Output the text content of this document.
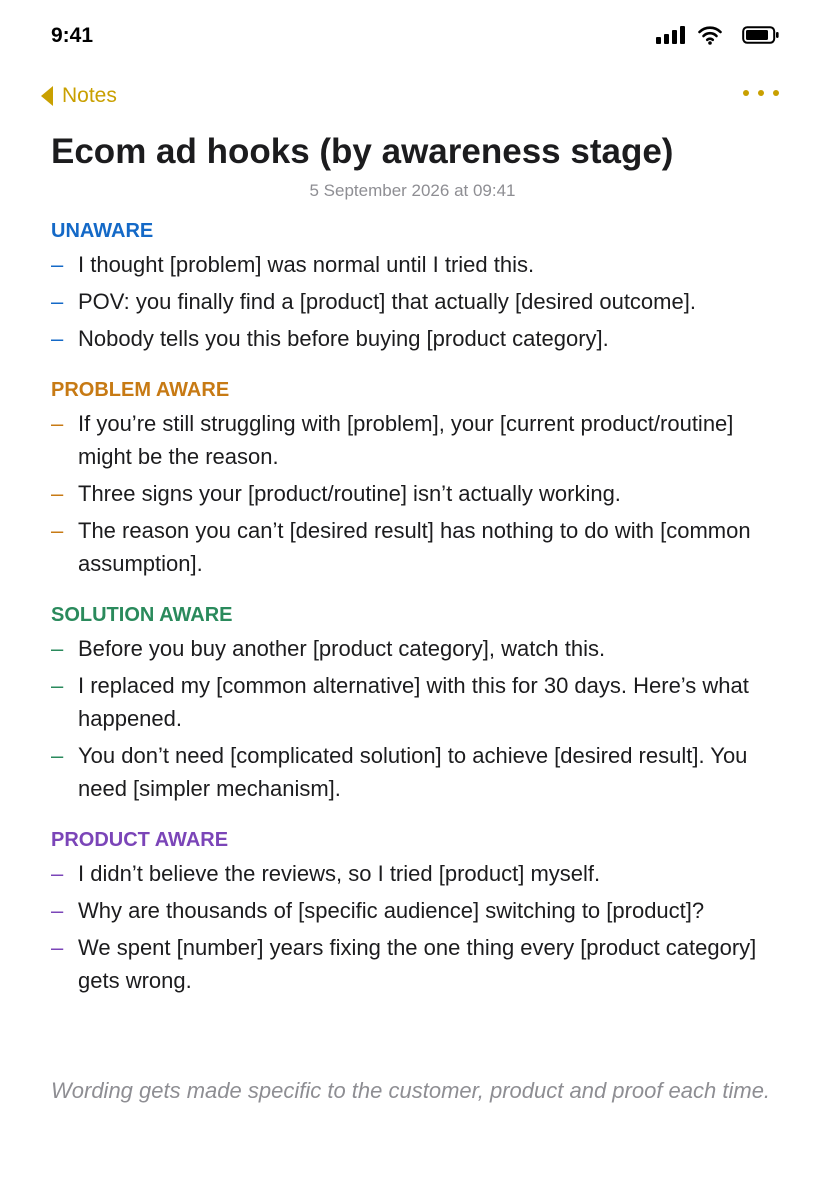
9:41
Notes
Ecom ad hooks (by awareness stage)
5 September 2026 at 09:41
UNAWARE
– I thought [problem] was normal until I tried this.
– POV: you finally find a [product] that actually [desired outcome].
– Nobody tells you this before buying [product category].
PROBLEM AWARE
– If you’re still struggling with [problem], your [current product/routine] might be the reason.
– Three signs your [product/routine] isn’t actually working.
– The reason you can’t [desired result] has nothing to do with [common assumption].
SOLUTION AWARE
– Before you buy another [product category], watch this.
– I replaced my [common alternative] with this for 30 days. Here’s what happened.
– You don’t need [complicated solution] to achieve [desired result]. You need [simpler mechanism].
PRODUCT AWARE
– I didn’t believe the reviews, so I tried [product] myself.
– Why are thousands of [specific audience] switching to [product]?
– We spent [number] years fixing the one thing every [product category] gets wrong.
Wording gets made specific to the customer, product and proof each time.
